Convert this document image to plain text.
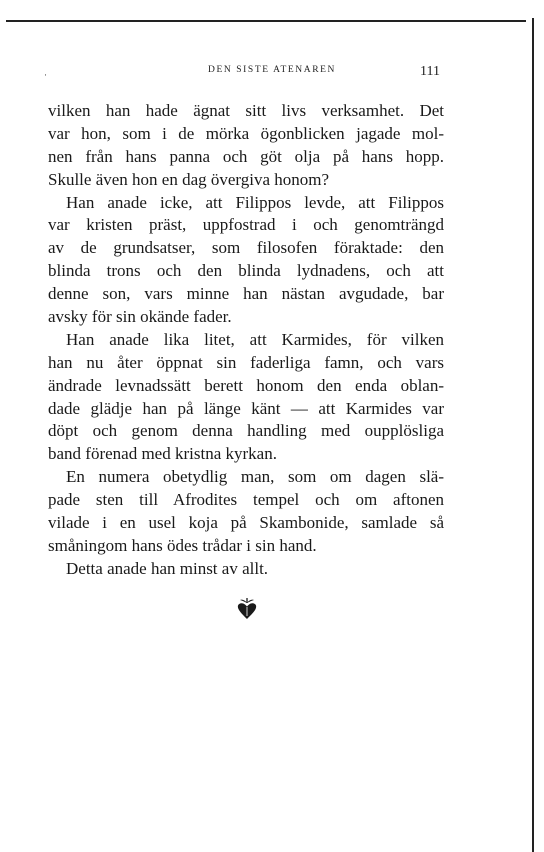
·	DEN SISTE ATENAREN	111
vilken han hade ägnat sitt livs verksamhet. Det
var hon, som i de mörka ögonblicken jagade mol-
nen från hans panna och göt olja på hans hopp.
Skulle även hon en dag övergiva honom?
Han anade icke, att Filippos levde, att Filippos
var kristen präst, uppfostrad i och genomträngd
av de grundsatser, som filosofen föraktade: den
blinda trons och den blinda lydnadens, och att
denne son, vars minne han nästan avgudade, bar
avsky för sin okände fader.
Han anade lika litet, att Karmides, för vilken
han nu åter öppnat sin faderliga famn, och vars
ändrade levnadssätt berett honom den enda oblan-
dade glädje han på länge känt — att Karmides var
döpt och genom denna handling med oupplösliga
band förenad med kristna kyrkan.
En numera obetydlig man, som om dagen slä-
pade sten till Afrodites tempel och om aftonen
vilade i en usel koja på Skambonide, samlade så
småningom hans ödes trådar i sin hand.
Detta anade han minst av allt.
